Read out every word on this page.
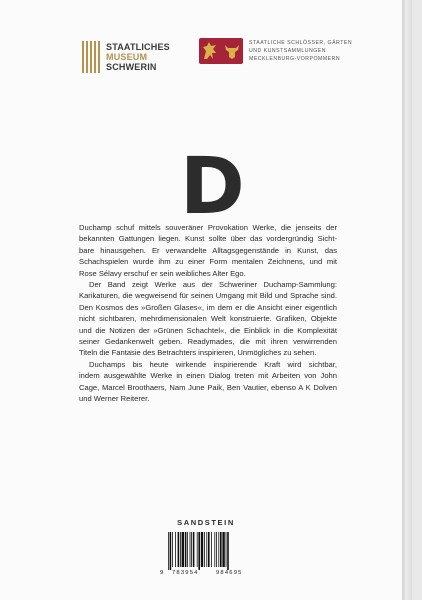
STAATLICHES
MUSEUM
SCHWERIN
STAATLICHE SCHLÖSSER, GÄRTEN
UND KUNSTSAMMLUNGEN
MECKLENBURG-VORPOMMERN
D

Duchamp schuf mittels souveräner Provokation Werke, die jenseits der
bekannten Gattungen liegen. Kunst sollte über das vordergründig Sicht-
bare hinausgehen. Er verwandelte Alltagsgegenstände in Kunst, das
Schachspielen wurde ihm zu einer Form mentalen Zeichnens, und mit
Rose Sélavy erschuf er sein weibliches Alter Ego.

Der Band zeigt Werke aus der Schweriner Duchamp-Sammlung:
Karikaturen, die wegweisend für seinen Umgang mit Bild und Sprache sind.
Den Kosmos des »Großen Glases«, im dem er die Ansicht einer eigentlich
nicht sichtbaren, mehrdimensionalen Welt konstruierte. Grafiken, Objekte
und die Notizen der »Grünen Schachtel«, die Einblick in die Komplexität
seiner Gedankenwelt geben. Readymades, die mit ihren verwirrenden
Titeln die Fantasie des Betrachters inspirieren, Unmögliches zu sehen.

Duchamps bis heute wirkende inspirierende Kraft wird sichtbar,
indem ausgewählte Werke in einen Dialog treten mit Arbeiten von John
Cage, Marcel Broothaers, Nam June Paik, Ben Vautier, ebenso A K Dolven
und Werner Reiterer.

SANDSTEIN
9	783954	984695
